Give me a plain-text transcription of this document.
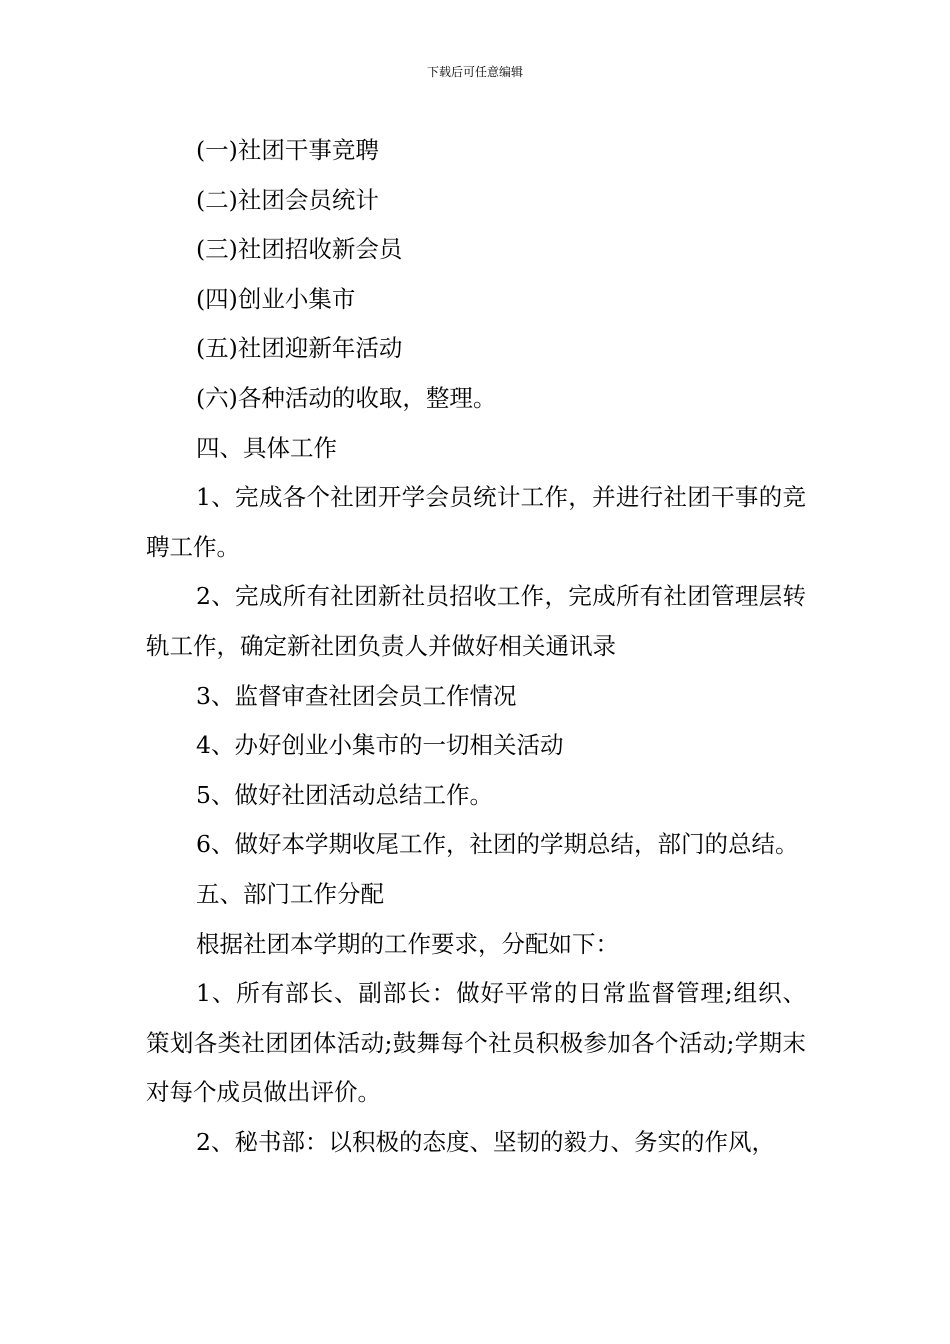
下载后可任意编辑

(一)社团干事竞聘

(二)社团会员统计

(三)社团招收新会员

(四)创业小集市

(五)社团迎新年活动

(六)各种活动的收取，整理。

四、具体工作

1、完成各个社团开学会员统计工作，并进行社团干事的竞聘工作。

2、完成所有社团新社员招收工作，完成所有社团管理层转轨工作，确定新社团负责人并做好相关通讯录

3、监督审查社团会员工作情况

4、办好创业小集市的一切相关活动

5、做好社团活动总结工作。

6、做好本学期收尾工作，社团的学期总结，部门的总结。

五、部门工作分配

根据社团本学期的工作要求，分配如下：

1、所有部长、副部长：做好平常的日常监督管理;组织、策划各类社团团体活动;鼓舞每个社员积极参加各个活动;学期末对每个成员做出评价。

2、秘书部：以积极的态度、坚韧的毅力、务实的作风，
